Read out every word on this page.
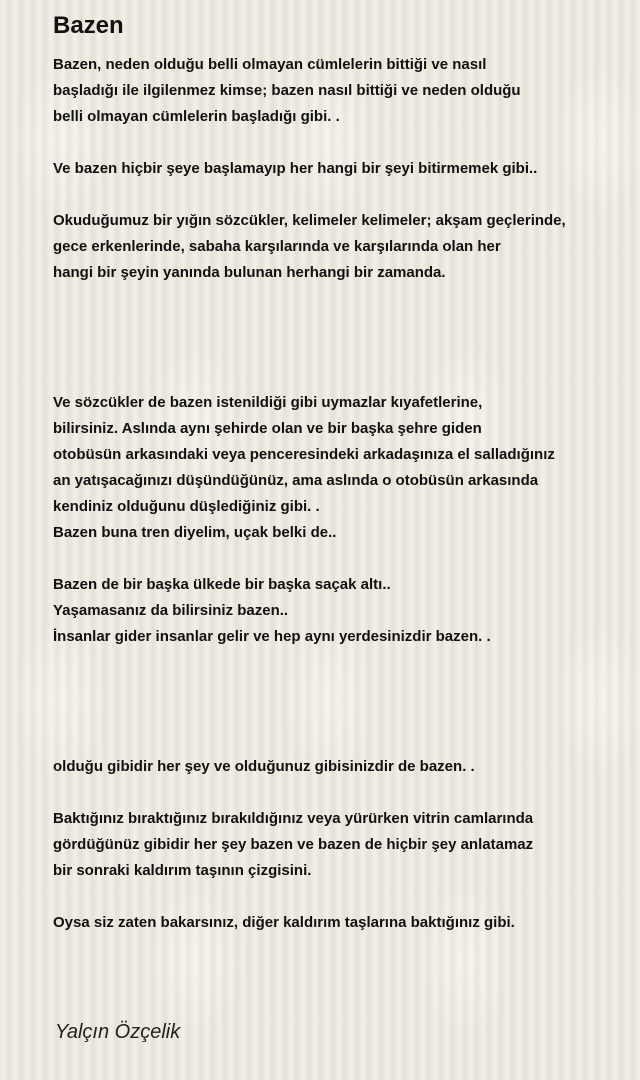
Bazen
Bazen, neden olduğu belli olmayan cümlelerin bittiği ve nasıl
başladığı ile ilgilenmez kimse; bazen nasıl bittiği ve neden olduğu
belli olmayan cümlelerin başladığı gibi. .
Ve bazen hiçbir şeye başlamayıp her hangi bir şeyi bitirmemek gibi..
Okuduğumuz bir yığın sözcükler, kelimeler kelimeler; akşam geçlerinde,
gece erkenlerinde, sabaha karşılarında ve karşılarında olan her
hangi bir şeyin yanında bulunan herhangi bir zamanda.
Ve sözcükler de bazen istenildiği gibi uymazlar kıyafetlerine,
bilirsiniz. Aslında aynı şehirde olan ve bir başka şehre giden
otobüsün arkasındaki veya penceresindeki arkadaşınıza el salladığınız
an yatışacağınızı düşündüğünüz, ama aslında o otobüsün arkasında
kendiniz olduğunu düşlediğiniz gibi. .
Bazen buna tren diyelim, uçak belki de..
Bazen de bir başka ülkede bir başka saçak altı..
Yaşamasanız da bilirsiniz bazen..
İnsanlar gider insanlar gelir ve hep aynı yerdesinizdir bazen. .
olduğu gibidir her şey ve olduğunuz gibisinizdir de bazen. .
Baktığınız bıraktığınız bırakıldığınız veya yürürken vitrin camlarında
gördüğünüz gibidir her şey bazen ve bazen de hiçbir şey anlatamaz
bir sonraki kaldırım taşının çizgisini.
Oysa siz zaten bakarsınız, diğer kaldırım taşlarına baktığınız gibi.
Yalçın Özçelik
